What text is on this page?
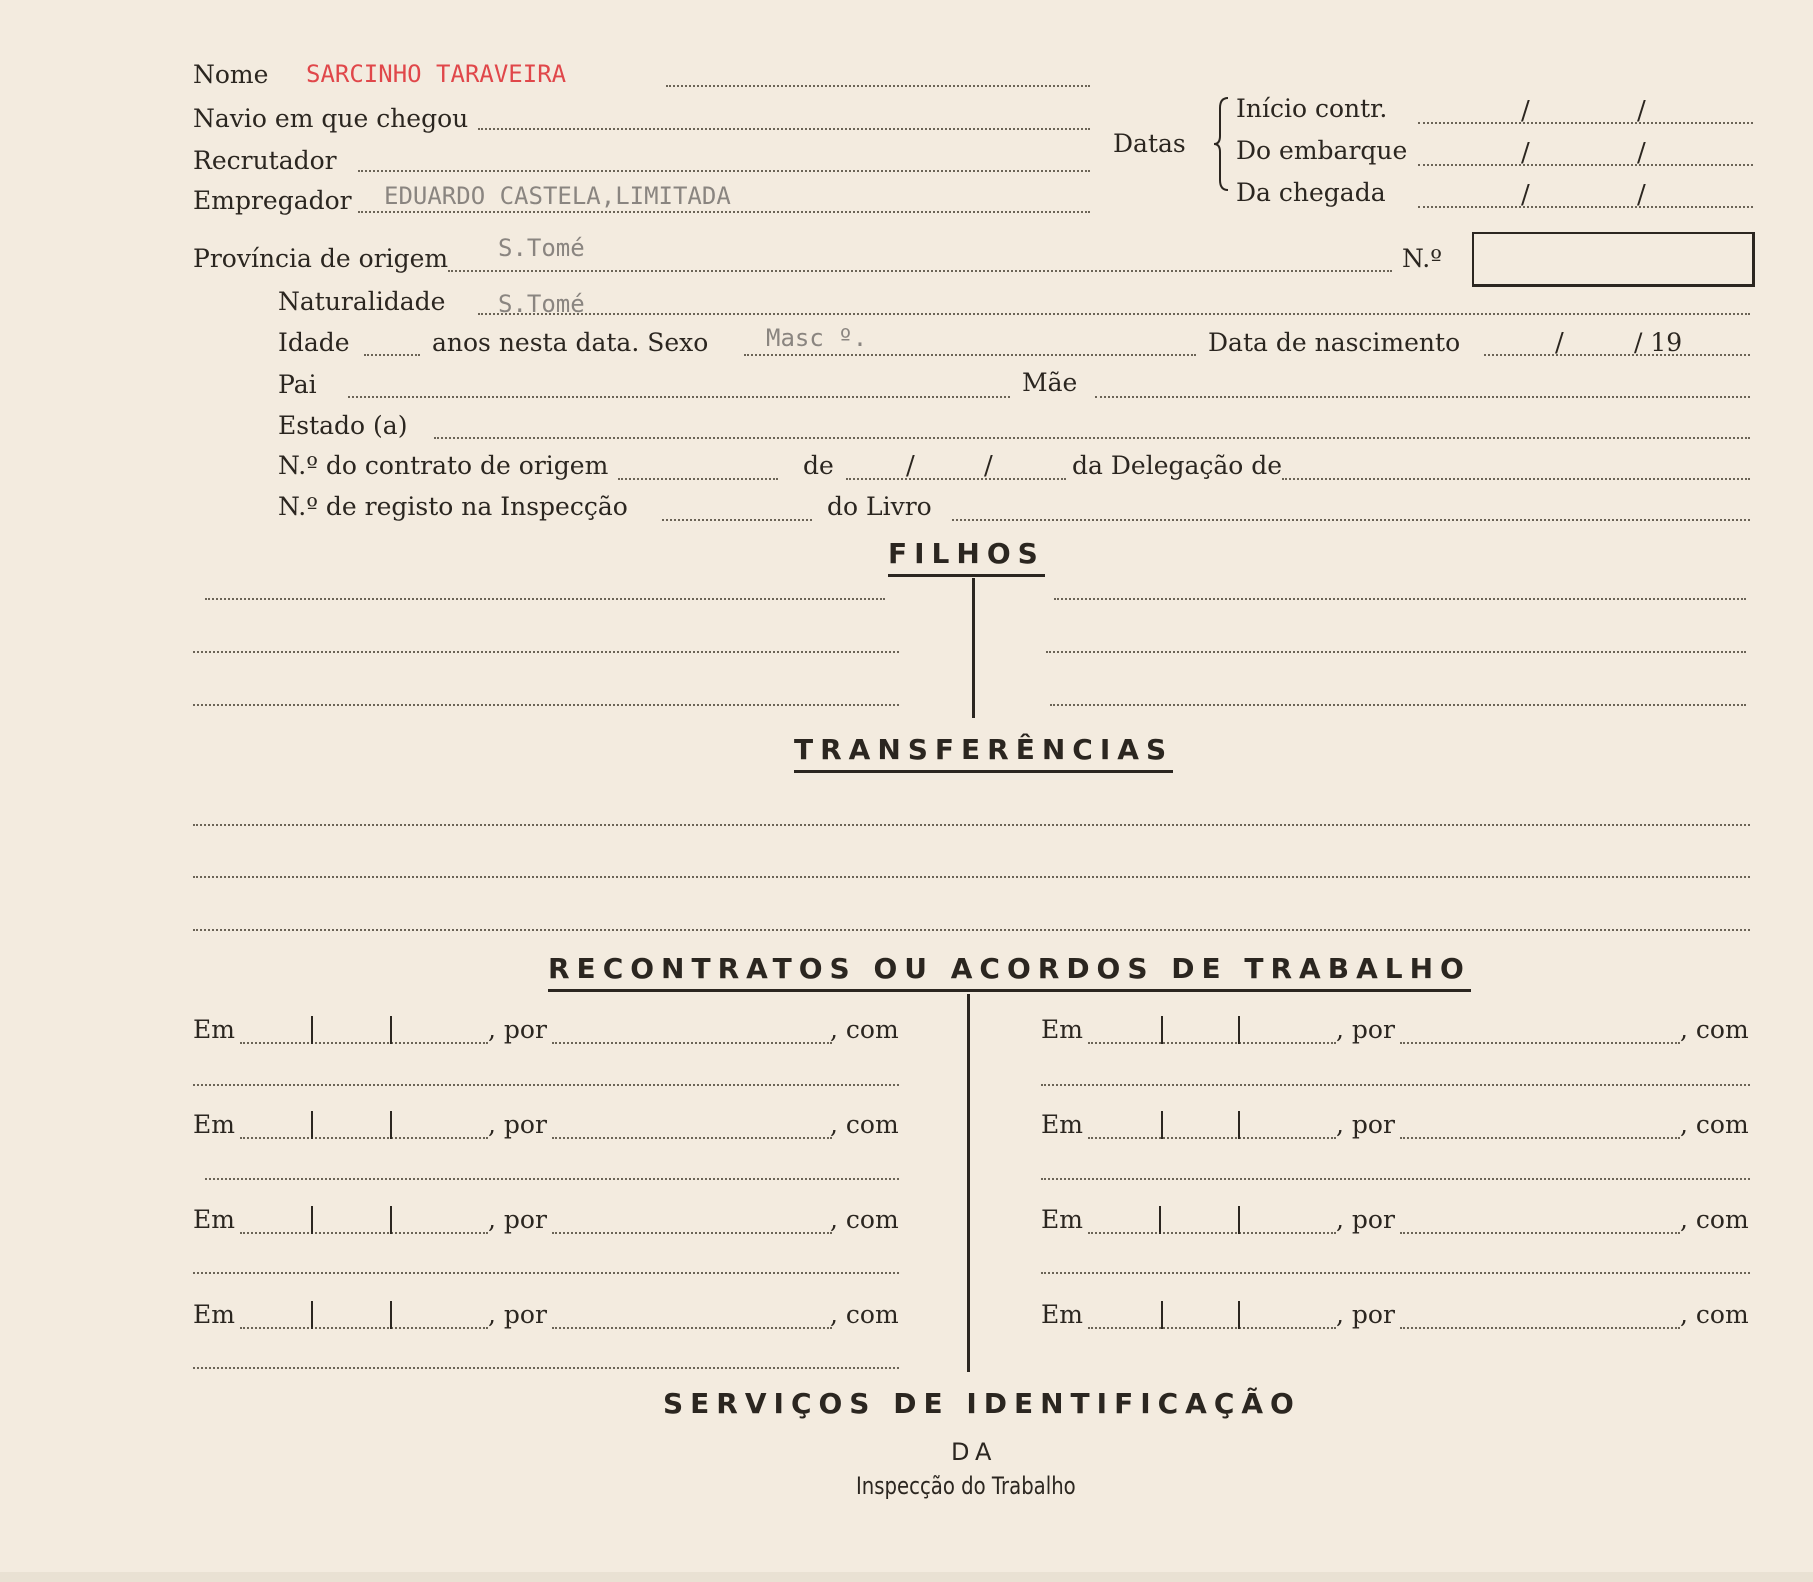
Nome SARCINHO TARAVEIRA
Navio em que chegou
Recrutador
Empregador EDUARDO CASTELA,LIMITADA
Datas
Início contr.	/	/
Do embarque	/	/
Da chegada	/	/
Província de origem S.Tomé	N.º
Naturalidade S.Tomé
Idade	anos nesta data. Sexo Masc º.	Data de nascimento	/	/ 19
Pai	Mãe
Estado (a)
N.º do contrato de origem	de	/	/	da Delegação de
N.º de registo na Inspecção	do Livro
FILHOS
TRANSFERÊNCIAS
RECONTRATOS OU ACORDOS DE TRABALHO
Em	, por	, com
Em	, por	, com
Em	, por	, com
Em	, por	, com
Em	, por	, com
Em	, por	, com
Em	, por	, com
Em	, por	, com
SERVIÇOS DE IDENTIFICAÇÃO
DA
Inspecção do Trabalho
